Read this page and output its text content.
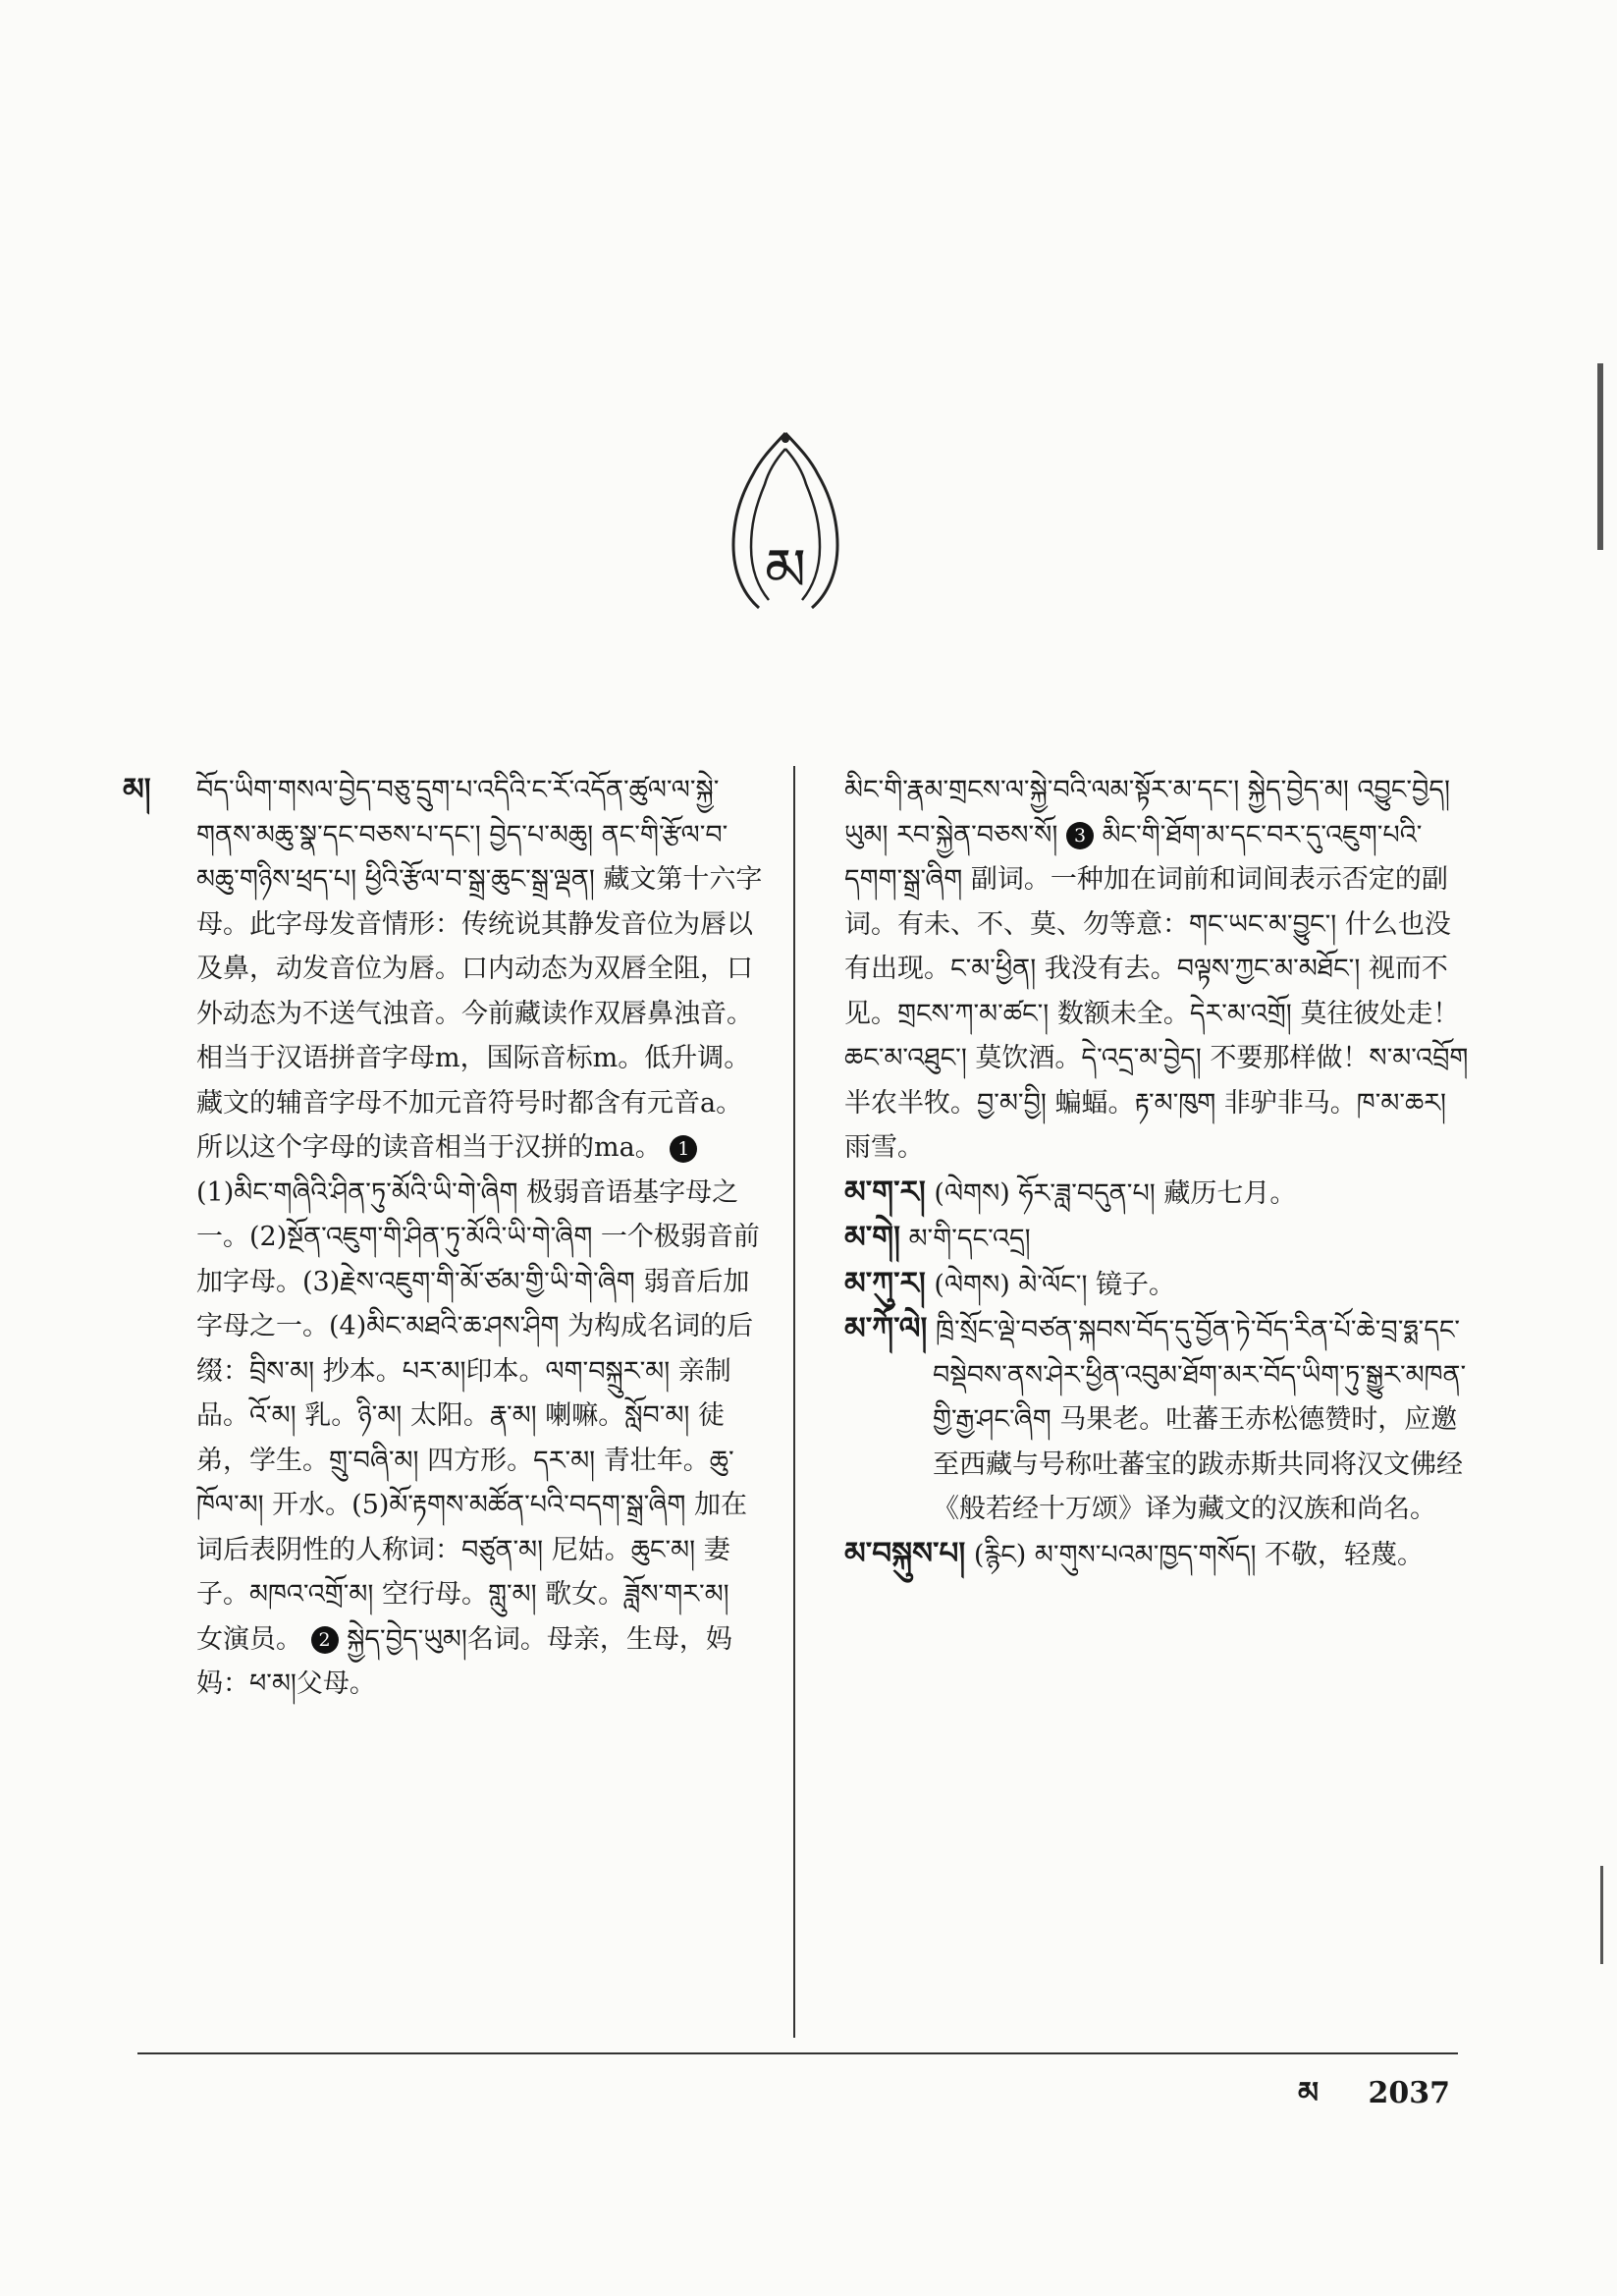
མ
མ། བོད་ཡིག་གསལ་བྱེད་བཅུ་དྲུག་པ་འདིའི་ང་རོ་འདོན་ཚུལ་ལ་སྐྱེ་གནས་མཆུ་སྣ་དང་བཅས་པ་དང་། བྱེད་པ་མཆུ། ནང་གི་རྩོལ་བ་མཆུ་གཉིས་ཕྲད་པ། ཕྱིའི་རྩོལ་བ་སྒྲ་ཆུང་སྒྲ་ལྡན། 藏文第十六字母。此字母发音情形：传统说其静发音位为唇以及鼻，动发音位为唇。口内动态为双唇全阻，口外动态为不送气浊音。今前藏读作双唇鼻浊音。相当于汉语拼音字母m，国际音标m。低升调。藏文的辅音字母不加元音符号时都含有元音a。所以这个字母的读音相当于汉拼的ma。 1 (1)མིང་གཞིའི་ཤིན་ཏུ་མོའི་ཡི་གེ་ཞིག 极弱音语基字母之一。(2)སྔོན་འཇུག་གི་ཤིན་ཏུ་མོའི་ཡི་གེ་ཞིག 一个极弱音前加字母。(3)རྗེས་འཇུག་གི་མོ་ཙམ་གྱི་ཡི་གེ་ཞིག 弱音后加字母之一。(4)མིང་མཐའི་ཆ་ཤས་ཤིག 为构成名词的后缀：བྲིས་མ། 抄本。པར་མ།印本。ལག་བསྐྲུར་མ། 亲制品。འོ་མ། 乳。ཉི་མ། 太阳。རྣ་མ། 喇嘛。སློབ་མ། 徒弟，学生。གྲུ་བཞི་མ། 四方形。དར་མ། 青壮年。ཆུ་ཁོལ་མ། 开水。(5)མོ་རྟགས་མཚོན་པའི་བདག་སྒྲ་ཞིག 加在词后表阴性的人称词：བཙུན་མ། 尼姑。ཆུང་མ། 妻子。མཁའ་འགྲོ་མ། 空行母。གླུ་མ། 歌女。ཟློས་གར་མ། 女演员。 2 སྐྱེད་བྱེད་ཡུམ།名词。母亲，生母，妈妈：ཕ་མ།父母。

མིང་གི་རྣམ་གྲངས་ལ་སྐྱེ་བའི་ལམ་སྟོར་མ་དང་། སྐྱེད་བྱེད་མ། འབྱུང་བྱེད། ཡུམ། རབ་སྐྱེན་བཅས་སོ། 3 མིང་གི་ཐོག་མ་དང་བར་དུ་འཇུག་པའི་དགག་སྒྲ་ཞིག 副词。一种加在词前和词间表示否定的副词。有未、不、莫、勿等意：གང་ཡང་མ་བྱུང་། 什么也没有出现。ང་མ་ཕྱིན། 我没有去。བལྟས་ཀྱང་མ་མཐོང་། 视而不见。གྲངས་ཀ་མ་ཚང་། 数额未全。དེར་མ་འགྲོ། 莫往彼处走！ཆང་མ་འཐུང་། 莫饮酒。དེ་འདྲ་མ་བྱེད། 不要那样做！ས་མ་འབྲོག 半农半牧。བྱ་མ་བྱི། 蝙蝠。རྟ་མ་ཁུག 非驴非马。ཁ་མ་ཆར། 雨雪。

མ་ག་ར། (ལེགས) ཧོར་ཟླ་བདུན་པ། 藏历七月。

མ་གེ། མ་གི་དང་འདྲ།

མ་ཀུ་ར། (ལེགས) མེ་ལོང་། 镜子。

མ་ཀོ་ལེ། ཁྲི་སྲོང་ལྡེ་བཙན་སྐབས་བོད་དུ་བྱོན་ཏེ་བོད་རིན་པོ་ཆེ་བྲ་ཧྨ་དང་བསྡེབས་ནས་ཤེར་ཕྱིན་འབུམ་ཐོག་མར་བོད་ཡིག་ཏུ་སྒྱུར་མཁན་གྱི་རྒྱ་ཤང་ཞིག 马果老。吐蕃王赤松德赞时，应邀至西藏与号称吐蕃宝的跋赤斯共同将汉文佛经《般若经十万颂》译为藏文的汉族和尚名。

མ་བསྐུས་པ། (རྙིང) མ་གུས་པའམ་ཁྱད་གསོད། 不敬，轻蔑。

མ 2037
